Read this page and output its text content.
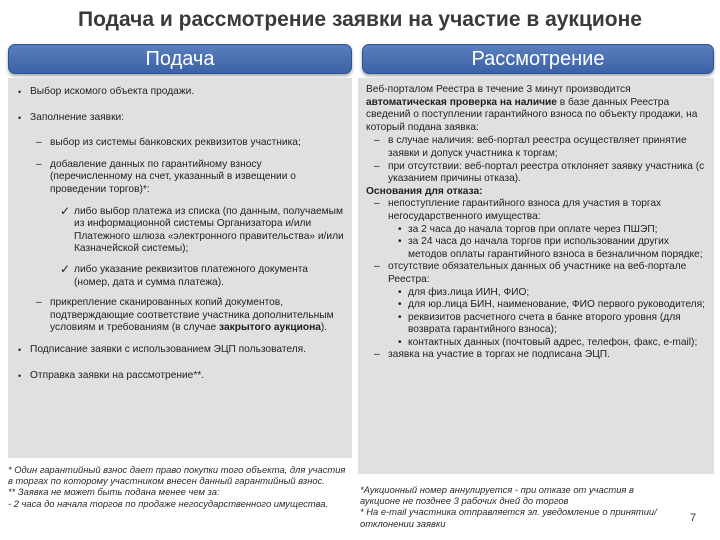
Подача и рассмотрение заявки на участие в аукционе
Подача	Рассмотрение
• Выбор искомого объекта продажи.
• Заполнение заявки:
– выбор из системы банковских реквизитов участника;
– добавление данных по гарантийному взносу (перечисленному на счет, указанный в извещении о проведении торгов)*:
✓ либо выбор платежа из списка (по данным, получаемым из информационной системы Организатора и/или Платежного шлюза «электронного правительства» и/или Казначейской системы);
✓ либо указание реквизитов платежного документа (номер, дата и сумма платежа).
– прикрепление сканированных копий документов, подтверждающие соответствие участника дополнительным условиям и требованиям (в случае закрытого аукциона).
• Подписание заявки с использованием ЭЦП пользователя.
• Отправка заявки на рассмотрение**.
* Один гарантийный взнос дает право покупки того объекта, для участия в торгах по которому участником внесен данный гарантийный взнос.
** Заявка не может быть подана менее чем за:
- 2 часа до начала торгов по продаже негосударственного имущества.
Веб-порталом Реестра в течение 3 минут производится автоматическая проверка на наличие в базе данных Реестра сведений о поступлении гарантийного взноса по объекту продажи, на который подана заявка:
– в случае наличия: веб-портал реестра осуществляет принятие заявки и допуск участника к торгам;
– при отсутствии: веб-портал реестра отклоняет заявку участника (с указанием причины отказа).
Основания для отказа:
– непоступление гарантийного взноса для участия в торгах негосударственного имущества:
• за 2 часа до начала торгов при оплате через ПШЭП;
• за 24 часа до начала торгов при использовании других методов оплаты гарантийного взноса в безналичном порядке;
– отсутствие обязательных данных об участнике на веб-портале Реестра:
• для физ.лица ИИН, ФИО;
• для юр.лица БИН, наименование, ФИО первого руководителя;
• реквизитов расчетного счета в банке второго уровня (для возврата гарантийного взноса);
• контактных данных (почтовый адрес, телефон, факс, e-mail);
– заявка на участие в торгах не подписана ЭЦП.
*Аукционный номер аннулируется - при отказе от участия в аукционе не позднее 3 рабочих дней до торгов
* На e-mail участника отправляется эл. уведомление о принятии/отклонении заявки	7
